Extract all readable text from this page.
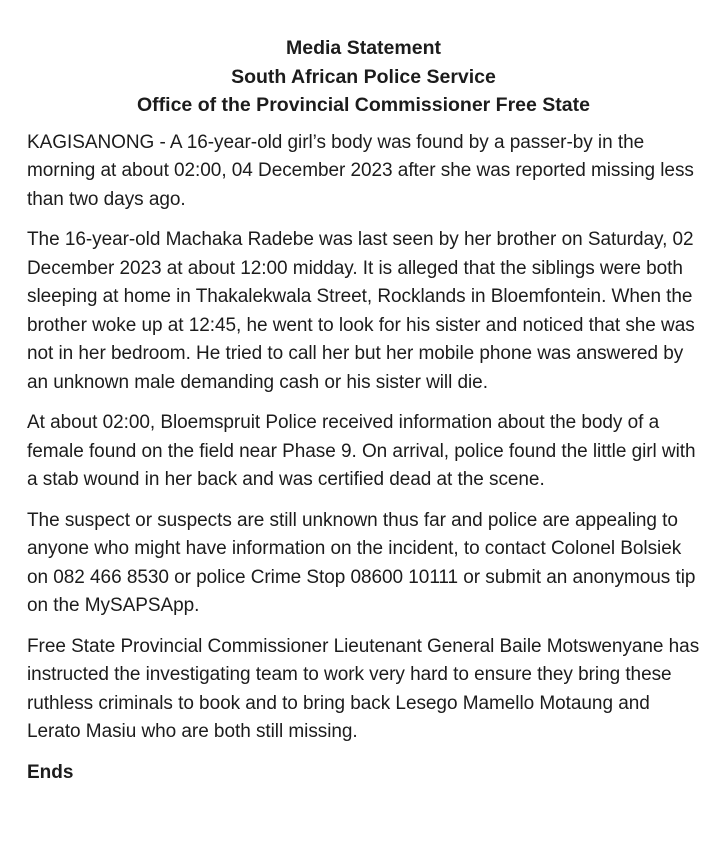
Media Statement
South African Police Service
Office of the Provincial Commissioner Free State

KAGISANONG - A 16-year-old girl’s body was found by a passer-by in the morning at about 02:00, 04 December 2023 after she was reported missing less than two days ago.

The 16-year-old Machaka Radebe was last seen by her brother on Saturday, 02 December 2023 at about 12:00 midday. It is alleged that the siblings were both sleeping at home in Thakalekwala Street, Rocklands in Bloemfontein. When the brother woke up at 12:45, he went to look for his sister and noticed that she was not in her bedroom. He tried to call her but her mobile phone was answered by an unknown male demanding cash or his sister will die.

At about 02:00, Bloemspruit Police received information about the body of a female found on the field near Phase 9. On arrival, police found the little girl with a stab wound in her back and was certified dead at the scene.

The suspect or suspects are still unknown thus far and police are appealing to anyone who might have information on the incident, to contact Colonel Bolsiek on 082 466 8530 or police Crime Stop 08600 10111 or submit an anonymous tip on the MySAPSApp.

Free State Provincial Commissioner Lieutenant General Baile Motswenyane has instructed the investigating team to work very hard to ensure they bring these ruthless criminals to book and to bring back Lesego Mamello Motaung and Lerato Masiu who are both still missing.

Ends
